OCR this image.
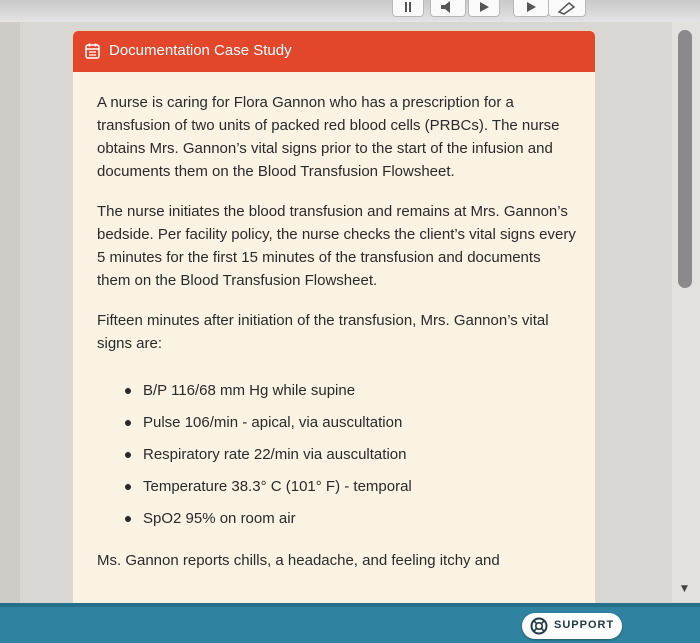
▼
Documentation Case Study

A nurse is caring for Flora Gannon who has a prescription for a transfusion of two units of packed red blood cells (PRBCs). The nurse obtains Mrs. Gannon’s vital signs prior to the start of the infusion and documents them on the Blood Transfusion Flowsheet.

The nurse initiates the blood transfusion and remains at Mrs. Gannon’s bedside. Per facility policy, the nurse checks the client’s vital signs every 5 minutes for the first 15 minutes of the transfusion and documents them on the Blood Transfusion Flowsheet.

Fifteen minutes after initiation of the transfusion, Mrs. Gannon’s vital signs are:

B/P 116/68 mm Hg while supine
Pulse 106/min - apical, via auscultation
Respiratory rate 22/min via auscultation
Temperature 38.3° C (101° F) - temporal
SpO2 95% on room air

Ms. Gannon reports chills, a headache, and feeling itchy and

SUPPORT
